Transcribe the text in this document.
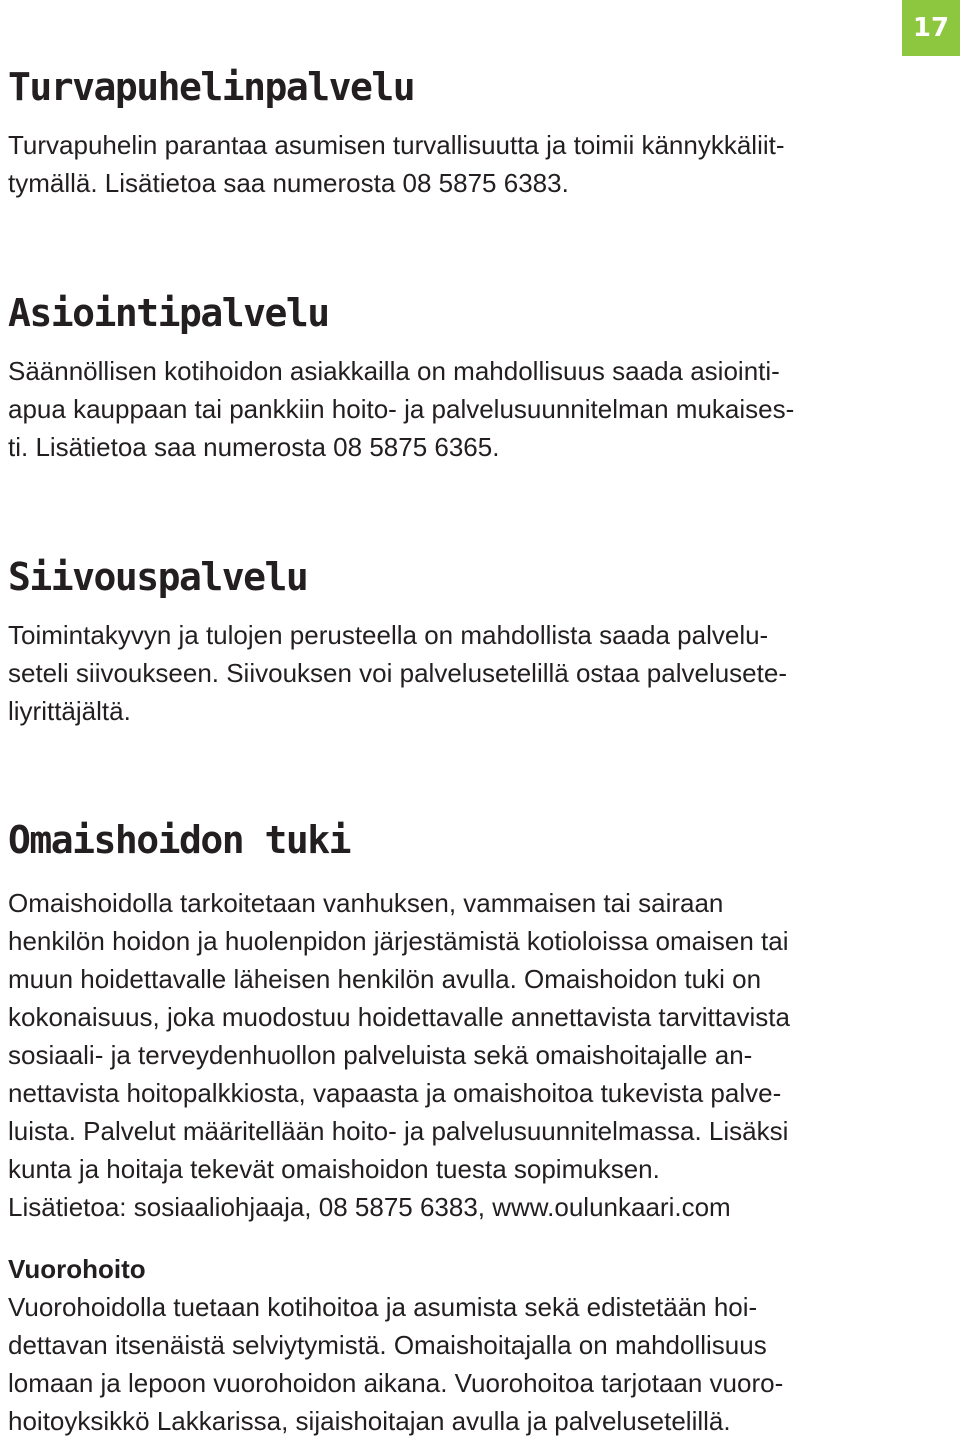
17
Turvapuhelinpalvelu

Turvapuhelin parantaa asumisen turvallisuutta ja toimii kännykkäliit-
tymällä. Lisätietoa saa numerosta 08 5875 6383.

Asiointipalvelu

Säännöllisen kotihoidon asiakkailla on mahdollisuus saada asiointi-
apua kauppaan tai pankkiin hoito- ja palvelusuunnitelman mukaises-
ti. Lisätietoa saa numerosta 08 5875 6365.

Siivouspalvelu

Toimintakyvyn ja tulojen perusteella on mahdollista saada palvelu-
seteli siivoukseen. Siivouksen voi palvelusetelillä ostaa palvelusete-
liyrittäjältä.

Omaishoidon tuki

Omaishoidolla tarkoitetaan vanhuksen, vammaisen tai sairaan
henkilön hoidon ja huolenpidon järjestämistä kotioloissa omaisen tai
muun hoidettavalle läheisen henkilön avulla. Omaishoidon tuki on
kokonaisuus, joka muodostuu hoidettavalle annettavista tarvittavista
sosiaali- ja terveydenhuollon palveluista sekä omaishoitajalle an-
nettavista hoitopalkkiosta, vapaasta ja omaishoitoa tukevista palve-
luista. Palvelut määritellään hoito- ja palvelusuunnitelmassa. Lisäksi
kunta ja hoitaja tekevät omaishoidon tuesta sopimuksen.
Lisätietoa: sosiaaliohjaaja, 08 5875 6383, www.oulunkaari.com

Vuorohoito

Vuorohoidolla tuetaan kotihoitoa ja asumista sekä edistetään hoi-
dettavan itsenäistä selviytymistä. Omaishoitajalla on mahdollisuus
lomaan ja lepoon vuorohoidon aikana. Vuorohoitoa tarjotaan vuoro-
hoitoyksikkö Lakkarissa, sijaishoitajan avulla ja palvelusetelillä.
